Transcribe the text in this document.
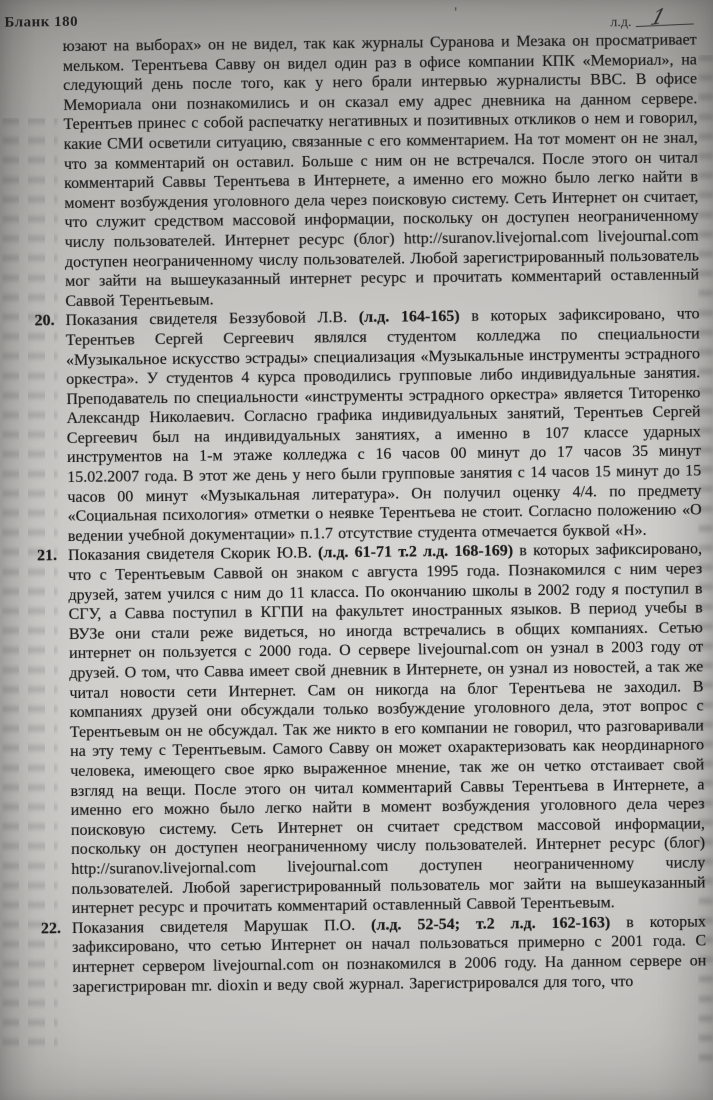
Бланк 180
'
л.д. 1
юзают на выборах» он не видел, так как журналы Суранова и Мезака он просматривает мельком. Терентьева Савву он видел один раз в офисе компании КПК «Мемориал», на следующий день после того, как у него брали интервью журналисты ВВС. В офисе Мемориала они познакомились и он сказал ему адрес дневника на данном сервере. Терентьев принес с собой распечатку негативных и позитивных откликов о нем и говорил, какие СМИ осветили ситуацию, связанные с его комментарием. На тот момент он не знал, что за комментарий он оставил. Больше с ним он не встречался. После этого он читал комментарий Саввы Терентьева в Интернете, а именно его можно было легко найти в момент возбуждения уголовного дела через поисковую систему. Сеть Интернет он считает, что служит средством массовой информации, поскольку он доступен неограниченному числу пользователей. Интернет ресурс (блог) http://suranov.livejornal.com livejournal.com доступен неограниченному числу пользователей. Любой зарегистрированный пользователь мог зайти на вышеуказанный интернет ресурс и прочитать комментарий оставленный Саввой Терентьевым.
20. Показания свидетеля Беззубовой Л.В. (л.д. 164-165) в которых зафиксировано, что Терентьев Сергей Сергеевич являлся студентом колледжа по специальности «Музыкальное искусство эстрады» специализация «Музыкальные инструменты эстрадного оркестра». У студентов 4 курса проводились групповые либо индивидуальные занятия. Преподаватель по специальности «инструменты эстрадного оркестра» является Титоренко Александр Николаевич. Согласно графика индивидуальных занятий, Терентьев Сергей Сергеевич был на индивидуальных занятиях, а именно в 107 классе ударных инструментов на 1-м этаже колледжа с 16 часов 00 минут до 17 часов 35 минут 15.02.2007 года. В этот же день у него были групповые занятия с 14 часов 15 минут до 15 часов 00 минут «Музыкальная литература». Он получил оценку 4/4. по предмету «Социальная психология» отметки о неявке Терентьева не стоит. Согласно положению «О ведении учебной документации» п.1.7 отсутствие студента отмечается буквой «Н».
21. Показания свидетеля Скорик Ю.В. (л.д. 61-71 т.2 л.д. 168-169) в которых зафиксировано, что с Терентьевым Саввой он знаком с августа 1995 года. Познакомился с ним через друзей, затем учился с ним до 11 класса. По окончанию школы в 2002 году я поступил в СГУ, а Савва поступил в КГПИ на факультет иностранных языков. В период учебы в ВУЗе они стали реже видеться, но иногда встречались в общих компаниях. Сетью интернет он пользуется с 2000 года. О сервере livejournal.com он узнал в 2003 году от друзей. О том, что Савва имеет свой дневник в Интернете, он узнал из новостей, а так же читал новости сети Интернет. Сам он никогда на блог Терентьева не заходил. В компаниях друзей они обсуждали только возбуждение уголовного дела, этот вопрос с Терентьевым он не обсуждал. Так же никто в его компании не говорил, что разговаривали на эту тему с Терентьевым. Самого Савву он может охарактеризовать как неординарного человека, имеющего свое ярко выраженное мнение, так же он четко отстаивает свой взгляд на вещи. После этого он читал комментарий Саввы Терентьева в Интернете, а именно его можно было легко найти в момент возбуждения уголовного дела через поисковую систему. Сеть Интернет он считает средством массовой информации, поскольку он доступен неограниченному числу пользователей. Интернет ресурс (блог) http://suranov.livejornal.com livejournal.com доступен неограниченному числу пользователей. Любой зарегистрированный пользователь мог зайти на вышеуказанный интернет ресурс и прочитать комментарий оставленный Саввой Терентьевым.
22. Показания свидетеля Марушак П.О. (л.д. 52-54; т.2 л.д. 162-163) в которых зафиксировано, что сетью Интернет он начал пользоваться примерно с 2001 года. С интернет сервером livejournal.com он познакомился в 2006 году. На данном сервере он зарегистрирован mr. dioxin и веду свой журнал. Зарегистрировался для того, что
